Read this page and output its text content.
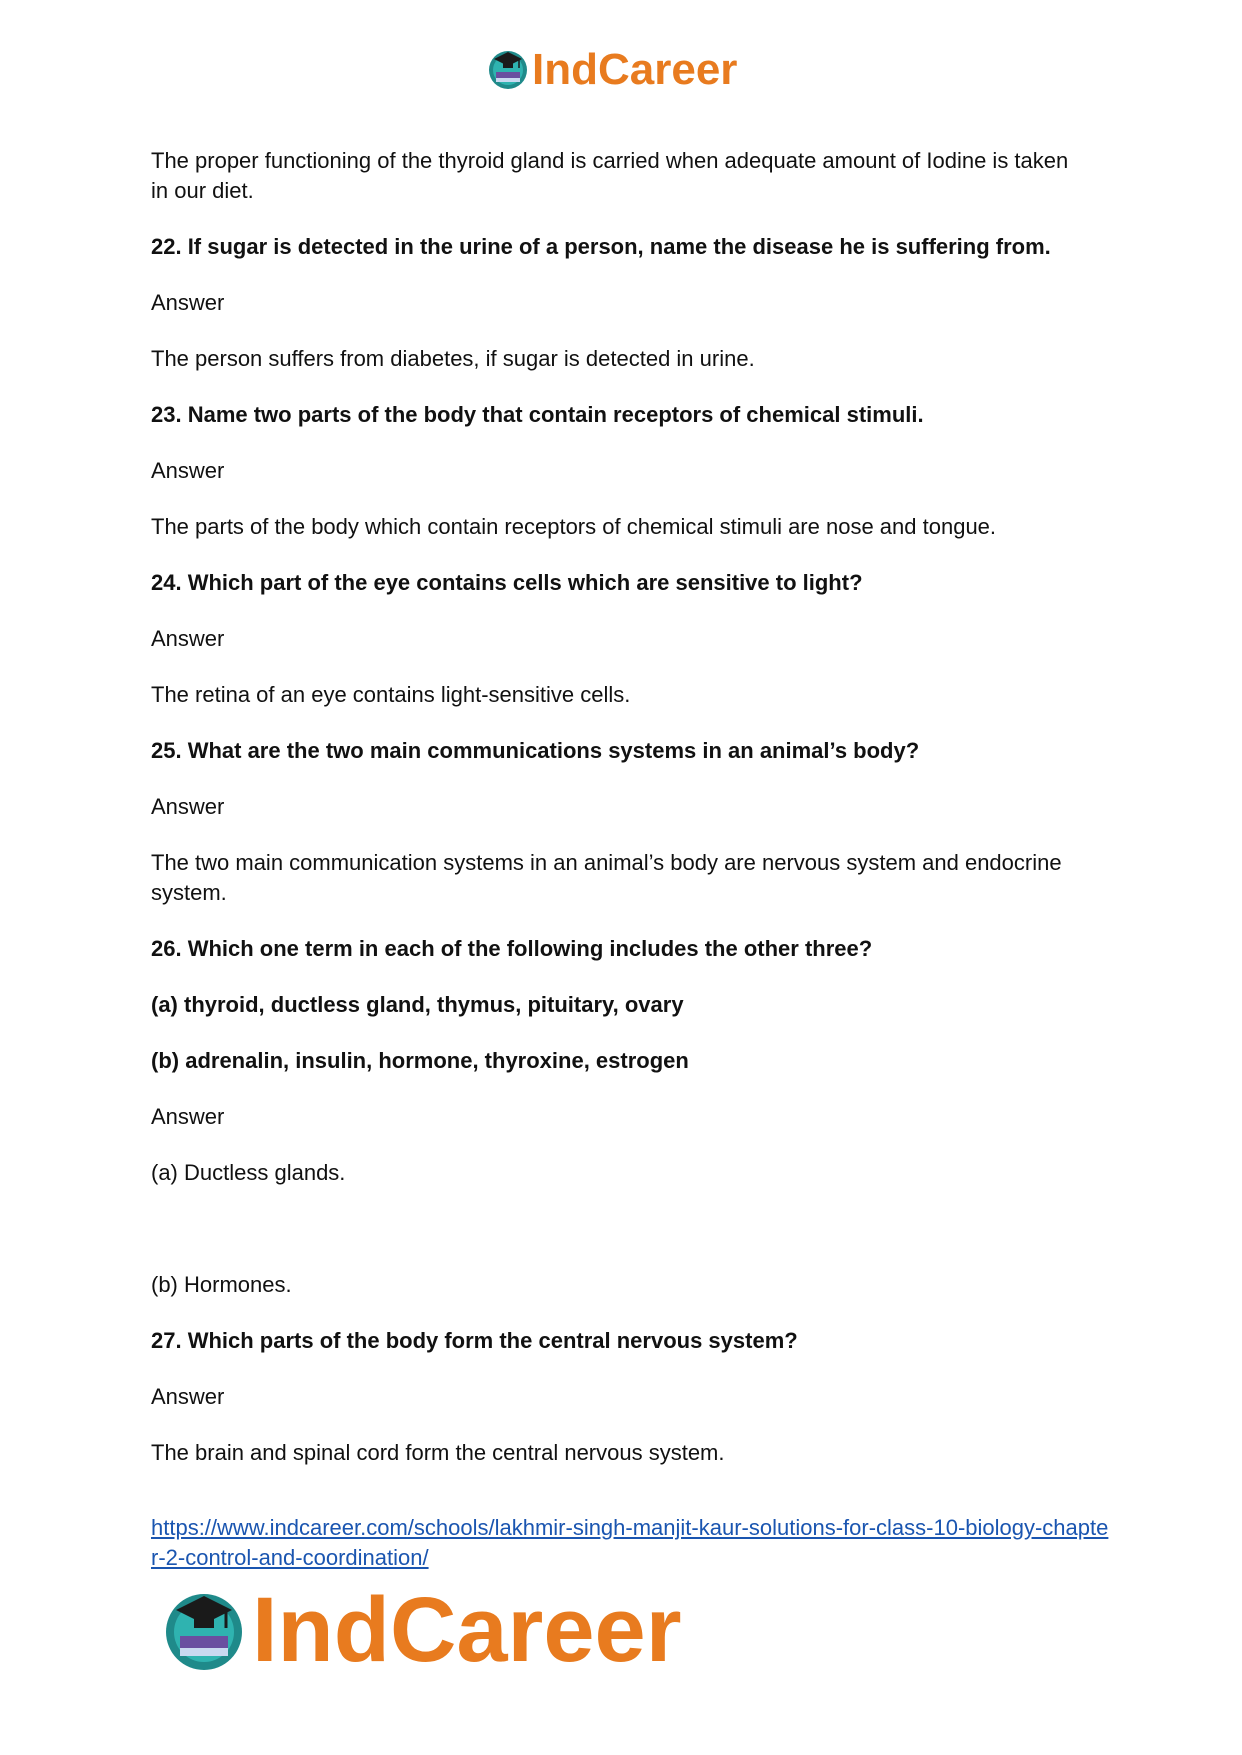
IndCareer

The proper functioning of the thyroid gland is carried when adequate amount of Iodine is taken in our diet.

22. If sugar is detected in the urine of a person, name the disease he is suffering from.

Answer

The person suffers from diabetes, if sugar is detected in urine.

23. Name two parts of the body that contain receptors of chemical stimuli.

Answer

The parts of the body which contain receptors of chemical stimuli are nose and tongue.

24. Which part of the eye contains cells which are sensitive to light?

Answer

The retina of an eye contains light-sensitive cells.

25. What are the two main communications systems in an animal’s body?

Answer

The two main communication systems in an animal’s body are nervous system and endocrine system.

26. Which one term in each of the following includes the other three?

(a) thyroid, ductless gland, thymus, pituitary, ovary

(b) adrenalin, insulin, hormone, thyroxine, estrogen

Answer

(a) Ductless glands.

(b) Hormones.

27. Which parts of the body form the central nervous system?

Answer

The brain and spinal cord form the central nervous system.

https://www.indcareer.com/schools/lakhmir-singh-manjit-kaur-solutions-for-class-10-biology-chapter-2-control-and-coordination/
IndCareer
